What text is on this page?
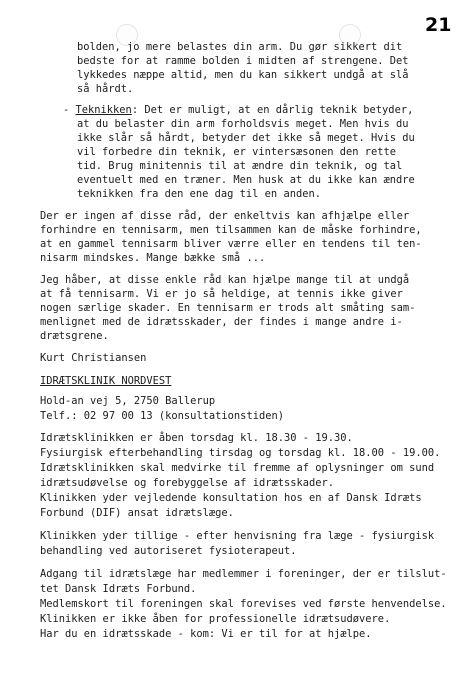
21
bolden, jo mere belastes din arm. Du gør sikkert dit
bedste for at ramme bolden i midten af strengene. Det
lykkedes næppe altid, men du kan sikkert undgå at slå
så hårdt.
- Teknikken: Det er muligt, at en dårlig teknik betyder,
at du belaster din arm forholdsvis meget. Men hvis du
ikke slår så hårdt, betyder det ikke så meget. Hvis du
vil forbedre din teknik, er vintersæsonen den rette
tid. Brug minitennis til at ændre din teknik, og tal
eventuelt med en træner. Men husk at du ikke kan ændre
teknikken fra den ene dag til en anden.
Der er ingen af disse råd, der enkeltvis kan afhjælpe eller
forhindre en tennisarm, men tilsammen kan de måske forhindre,
at en gammel tennisarm bliver værre eller en tendens til ten-
nisarm mindskes. Mange bække små ...
Jeg håber, at disse enkle råd kan hjælpe mange til at undgå
at få tennisarm. Vi er jo så heldige, at tennis ikke giver
nogen særlige skader. En tennisarm er trods alt småting sam-
menlignet med de idrætsskader, der findes i mange andre i-
drætsgrene.
Kurt Christiansen
IDRÆTSKLINIK NORDVEST
Hold-an vej 5, 2750 Ballerup
Telf.: 02 97 00 13 (konsultationstiden)
Idrætsklinikken er åben torsdag kl. 18.30 - 19.30.
Fysiurgisk efterbehandling tirsdag og torsdag kl. 18.00 - 19.00.
Idrætsklinikken skal medvirke til fremme af oplysninger om sund
idrætsudøvelse og forebyggelse af idrætsskader.
Klinikken yder vejledende konsultation hos en af Dansk Idræts
Forbund (DIF) ansat idrætslæge.
Klinikken yder tillige - efter henvisning fra læge - fysiurgisk
behandling ved autoriseret fysioterapeut.
Adgang til idrætslæge har medlemmer i foreninger, der er tilslut-
tet Dansk Idræts Forbund.
Medlemskort til foreningen skal forevises ved første henvendelse.
Klinikken er ikke åben for professionelle idrætsudøvere.
Har du en idrætsskade - kom: Vi er til for at hjælpe.
